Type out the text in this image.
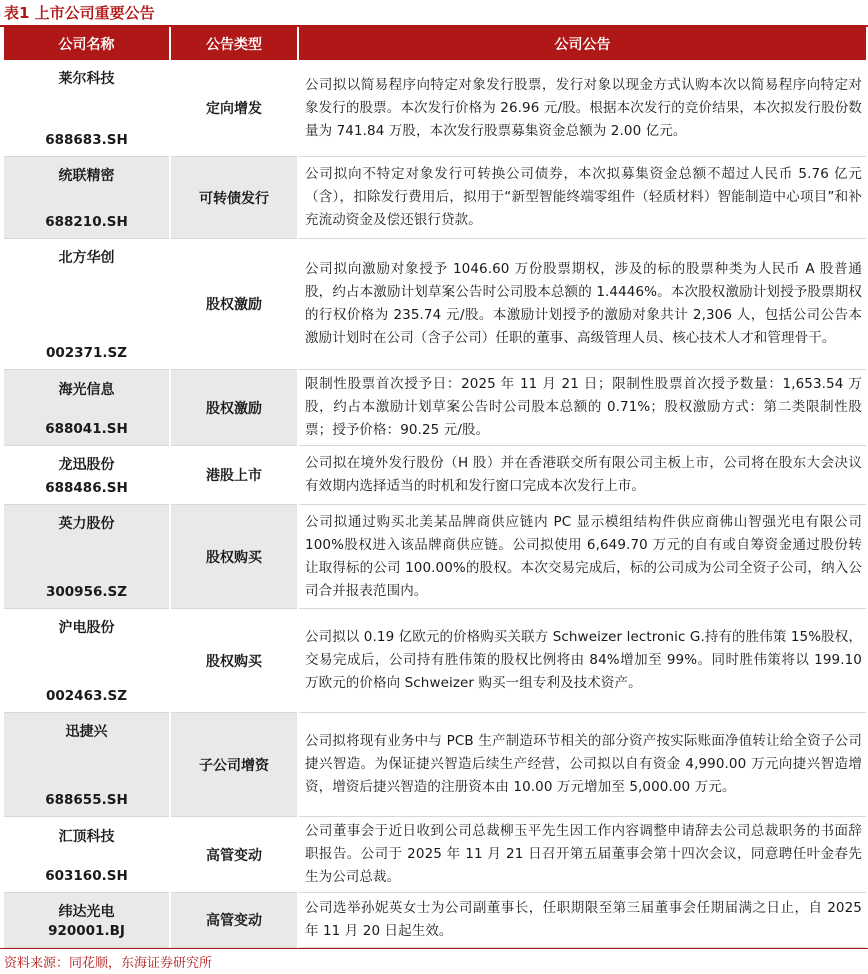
表1 上市公司重要公告
公司名称	公告类型	公司公告

莱尔科技
688683.SH	定向增发	公司拟以简易程序向特定对象发行股票，发行对象以现金方式认购本次以简易程序向特定对象发行的股票。本次发行价格为 26.96 元/股。根据本次发行的竞价结果，本次拟发行股份数量为 741.84 万股，本次发行股票募集资金总额为 2.00 亿元。

统联精密
688210.SH	可转债发行	公司拟向不特定对象发行可转换公司债券，本次拟募集资金总额不超过人民币 5.76 亿元（含），扣除发行费用后，拟用于“新型智能终端零组件（轻质材料）智能制造中心项目”和补充流动资金及偿还银行贷款。

北方华创
002371.SZ	股权激励	公司拟向激励对象授予 1046.60 万份股票期权，涉及的标的股票种类为人民币 A 股普通股，约占本激励计划草案公告时公司股本总额的 1.4446%。本次股权激励计划授予股票期权的行权价格为 235.74 元/股。本激励计划授予的激励对象共计 2,306 人，包括公司公告本激励计划时在公司（含子公司）任职的董事、高级管理人员、核心技术人才和管理骨干。

海光信息
688041.SH	股权激励	限制性股票首次授予日：2025 年 11 月 21 日；限制性股票首次授予数量：1,653.54 万股，约占本激励计划草案公告时公司股本总额的 0.71%；股权激励方式：第二类限制性股票；授予价格：90.25 元/股。

龙迅股份
688486.SH	港股上市	公司拟在境外发行股份（H 股）并在香港联交所有限公司主板上市，公司将在股东大会决议有效期内选择适当的时机和发行窗口完成本次发行上市。

英力股份
300956.SZ	股权购买	公司拟通过购买北美某品牌商供应链内 PC 显示模组结构件供应商佛山智强光电有限公司 100%股权进入该品牌商供应链。公司拟使用 6,649.70 万元的自有或自筹资金通过股份转让取得标的公司 100.00%的股权。本次交易完成后，标的公司成为公司全资子公司，纳入公司合并报表范围内。

沪电股份
002463.SZ	股权购买	公司拟以 0.19 亿欧元的价格购买关联方 Schweizer lectronic G.持有的胜伟策 15%股权，交易完成后，公司持有胜伟策的股权比例将由 84%增加至 99%。同时胜伟策将以 199.10 万欧元的价格向 Schweizer 购买一组专利及技术资产。

迅捷兴
688655.SH	子公司增资	公司拟将现有业务中与 PCB 生产制造环节相关的部分资产按实际账面净值转让给全资子公司捷兴智造。为保证捷兴智造后续生产经营，公司拟以自有资金 4,990.00 万元向捷兴智造增资，增资后捷兴智造的注册资本由 10.00 万元增加至 5,000.00 万元。

汇顶科技
603160.SH	高管变动	公司董事会于近日收到公司总裁柳玉平先生因工作内容调整申请辞去公司总裁职务的书面辞职报告。公司于 2025 年 11 月 21 日召开第五届董事会第十四次会议，同意聘任叶金春先生为公司总裁。

纬达光电
920001.BJ	高管变动	公司选举孙妮英女士为公司副董事长，任职期限至第三届董事会任期届满之日止，自 2025 年 11 月 20 日起生效。
资料来源：同花顺，东海证券研究所
